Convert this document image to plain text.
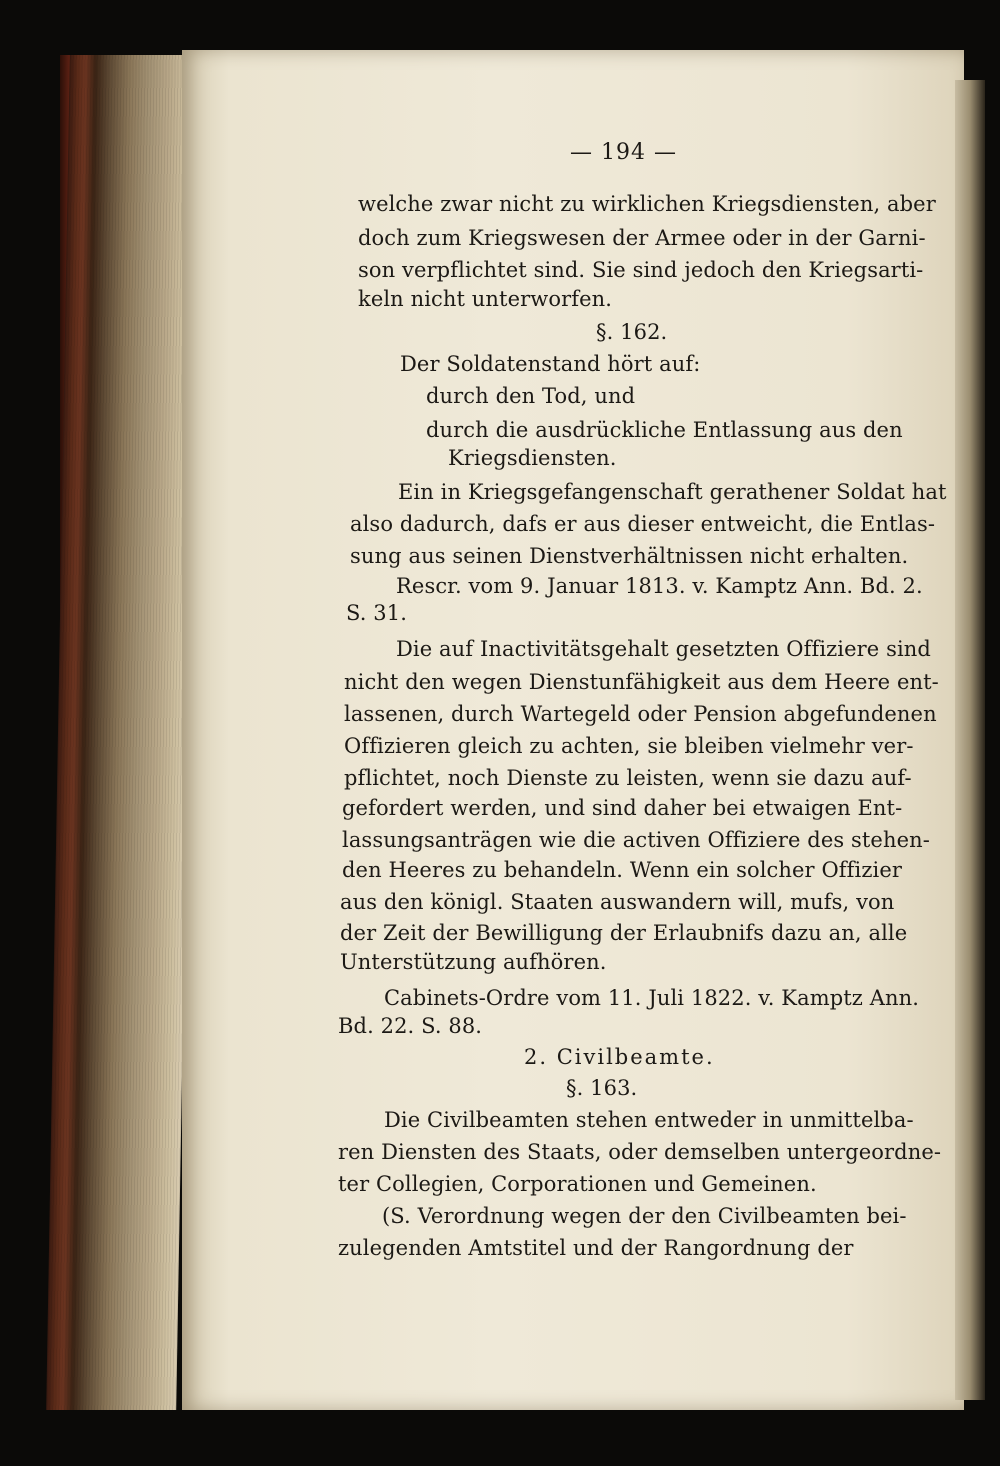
— 194 —
welche zwar nicht zu wirklichen Kriegsdiensten, aber
doch zum Kriegswesen der Armee oder in der Garni-
son verpflichtet sind. Sie sind jedoch den Kriegsarti-
keln nicht unterworfen.
§. 162.
Der Soldatenstand hört auf:
durch den Tod, und
durch die ausdrückliche Entlassung aus den
Kriegsdiensten.
Ein in Kriegsgefangenschaft gerathener Soldat hat
also dadurch, dafs er aus dieser entweicht, die Entlas-
sung aus seinen Dienstverhältnissen nicht erhalten.
Rescr. vom 9. Januar 1813. v. Kamptz Ann. Bd. 2.
S. 31.
Die auf Inactivitätsgehalt gesetzten Offiziere sind
nicht den wegen Dienstunfähigkeit aus dem Heere ent-
lassenen, durch Wartegeld oder Pension abgefundenen
Offizieren gleich zu achten, sie bleiben vielmehr ver-
pflichtet, noch Dienste zu leisten, wenn sie dazu auf-
gefordert werden, und sind daher bei etwaigen Ent-
lassungsanträgen wie die activen Offiziere des stehen-
den Heeres zu behandeln. Wenn ein solcher Offizier
aus den königl. Staaten auswandern will, mufs, von
der Zeit der Bewilligung der Erlaubnifs dazu an, alle
Unterstützung aufhören.
Cabinets-Ordre vom 11. Juli 1822. v. Kamptz Ann.
Bd. 22. S. 88.
2. Civilbeamte.
§. 163.
Die Civilbeamten stehen entweder in unmittelba-
ren Diensten des Staats, oder demselben untergeordne-
ter Collegien, Corporationen und Gemeinen.
(S. Verordnung wegen der den Civilbeamten bei-
zulegenden Amtstitel und der Rangordnung der
